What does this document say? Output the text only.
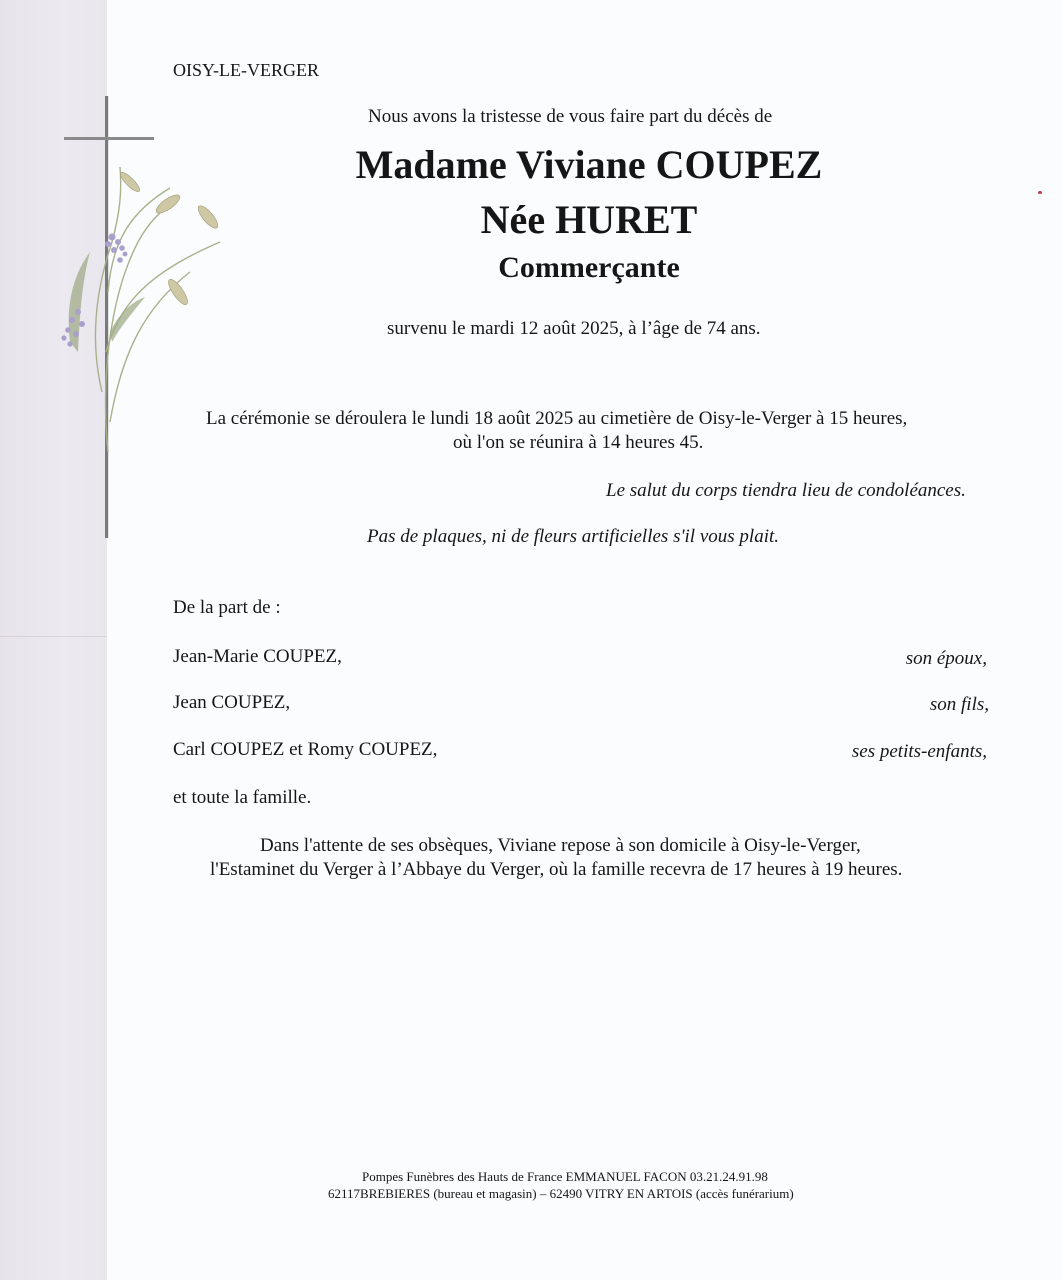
OISY-LE-VERGER

Nous avons la tristesse de vous faire part du décès de

Madame Viviane COUPEZ

Née HURET

Commerçante

survenu le mardi 12 août 2025, à l’âge de 74 ans.

La cérémonie se déroulera le lundi 18 août 2025 au cimetière de Oisy-le-Verger à 15 heures,

où l'on se réunira à 14 heures 45.

Le salut du corps tiendra lieu de condoléances.

Pas de plaques, ni de fleurs artificielles s'il vous plait.

De la part de :

Jean-Marie COUPEZ,	son époux,

Jean COUPEZ,	son fils,

Carl COUPEZ et Romy COUPEZ,	ses petits-enfants,

et toute la famille.

Dans l'attente de ses obsèques, Viviane repose à son domicile à Oisy-le-Verger,

l'Estaminet du Verger à l’Abbaye du Verger, où la famille recevra de 17 heures à 19 heures.

Pompes Funèbres des Hauts de France EMMANUEL FACON 03.21.24.91.98

62117BREBIERES (bureau et magasin) – 62490 VITRY EN ARTOIS (accès funérarium)
